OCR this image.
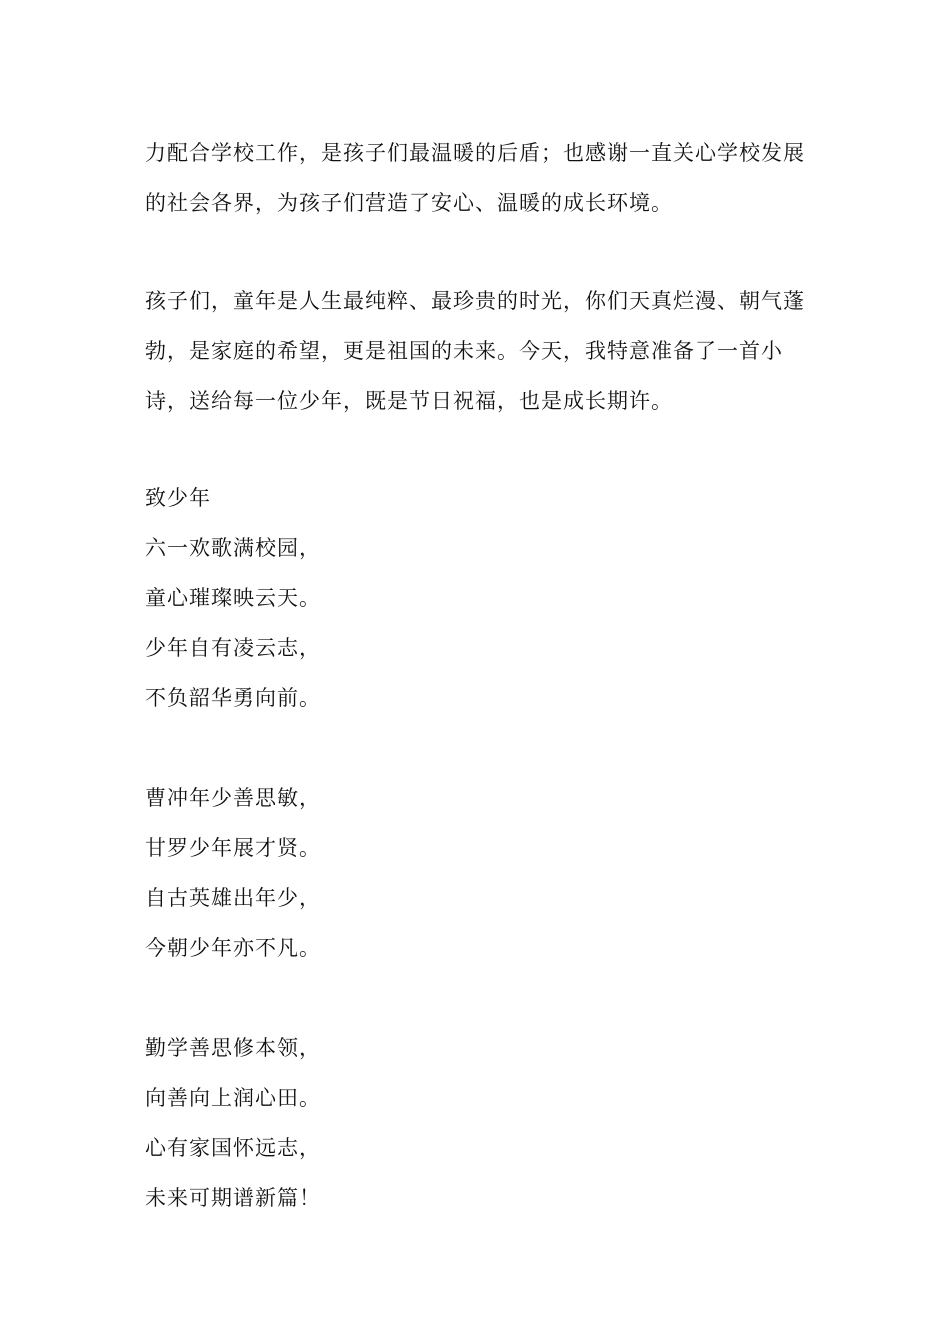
力配合学校工作，是孩子们最温暖的后盾；也感谢一直关心学校发展的社会各界，为孩子们营造了安心、温暖的成长环境。

孩子们，童年是人生最纯粹、最珍贵的时光，你们天真烂漫、朝气蓬勃，是家庭的希望，更是祖国的未来。今天，我特意准备了一首小诗，送给每一位少年，既是节日祝福，也是成长期许。

致少年
六一欢歌满校园，
童心璀璨映云天。
少年自有凌云志，
不负韶华勇向前。
曹冲年少善思敏，
甘罗少年展才贤。
自古英雄出年少，
今朝少年亦不凡。
勤学善思修本领，
向善向上润心田。
心有家国怀远志，
未来可期谱新篇！
